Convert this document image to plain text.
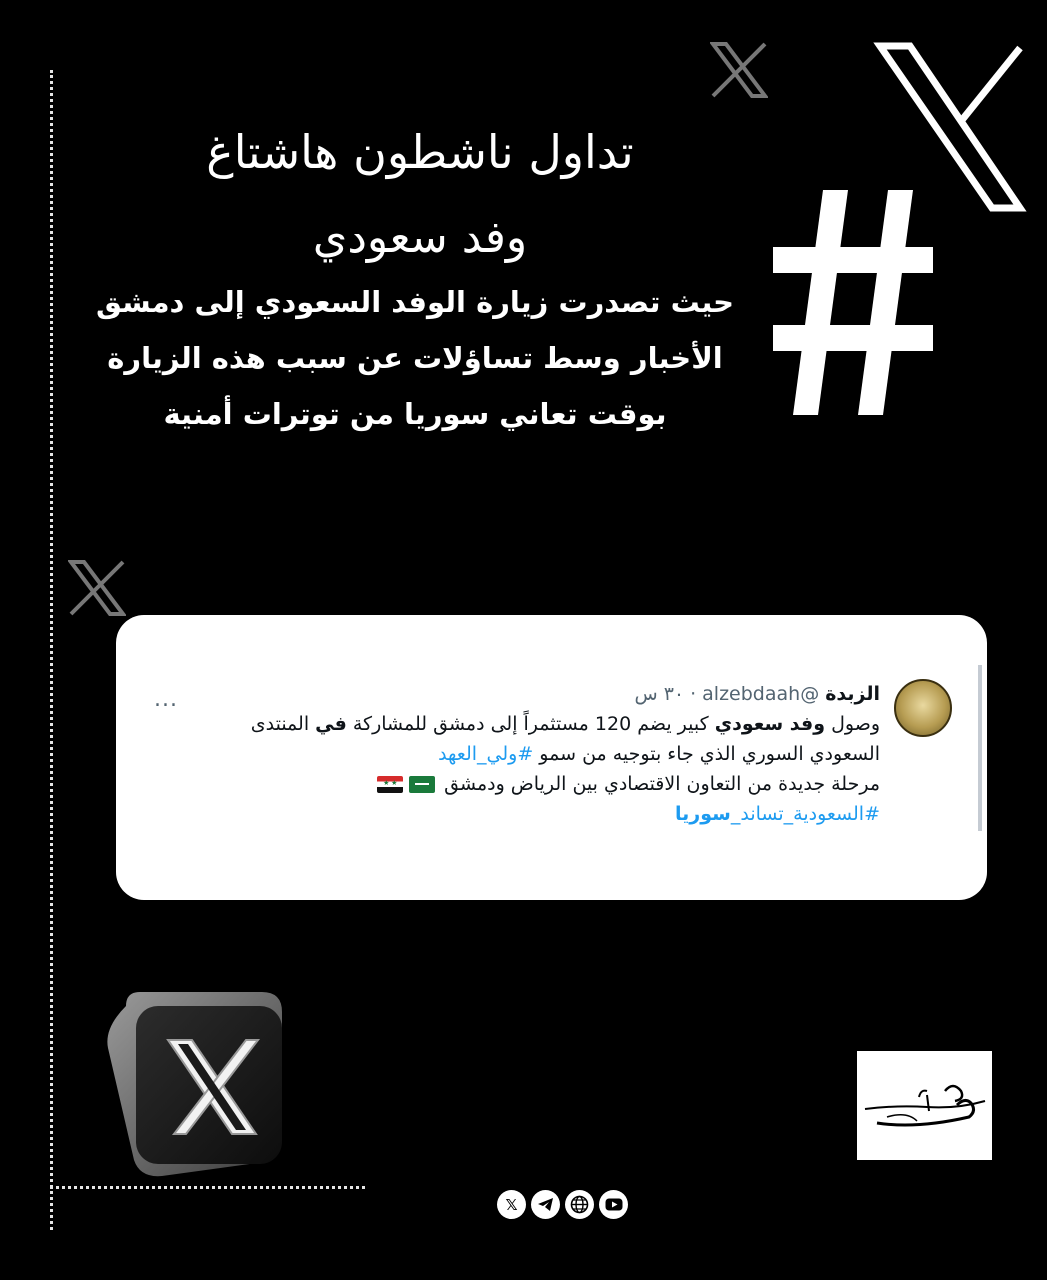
تداول ناشطون هاشتاغ
وفد سعودي
حيث تصدرت زيارة الوفد السعودي إلى دمشق
الأخبار وسط تساؤلات عن سبب هذه الزيارة
بوقت تعاني سوريا من توترات أمنية
الزبدة
@alzebdaah
·
٣٠ س
وصول وفد سعودي كبير يضم 120 مستثمراً إلى دمشق للمشاركة في المنتدى
السعودي السوري الذي جاء بتوجيه من سمو #ولي_العهد
مرحلة جديدة من التعاون الاقتصادي بين الرياض ودمشق ★ ★
#السعودية_تساند_سوريا
...
𝕏
